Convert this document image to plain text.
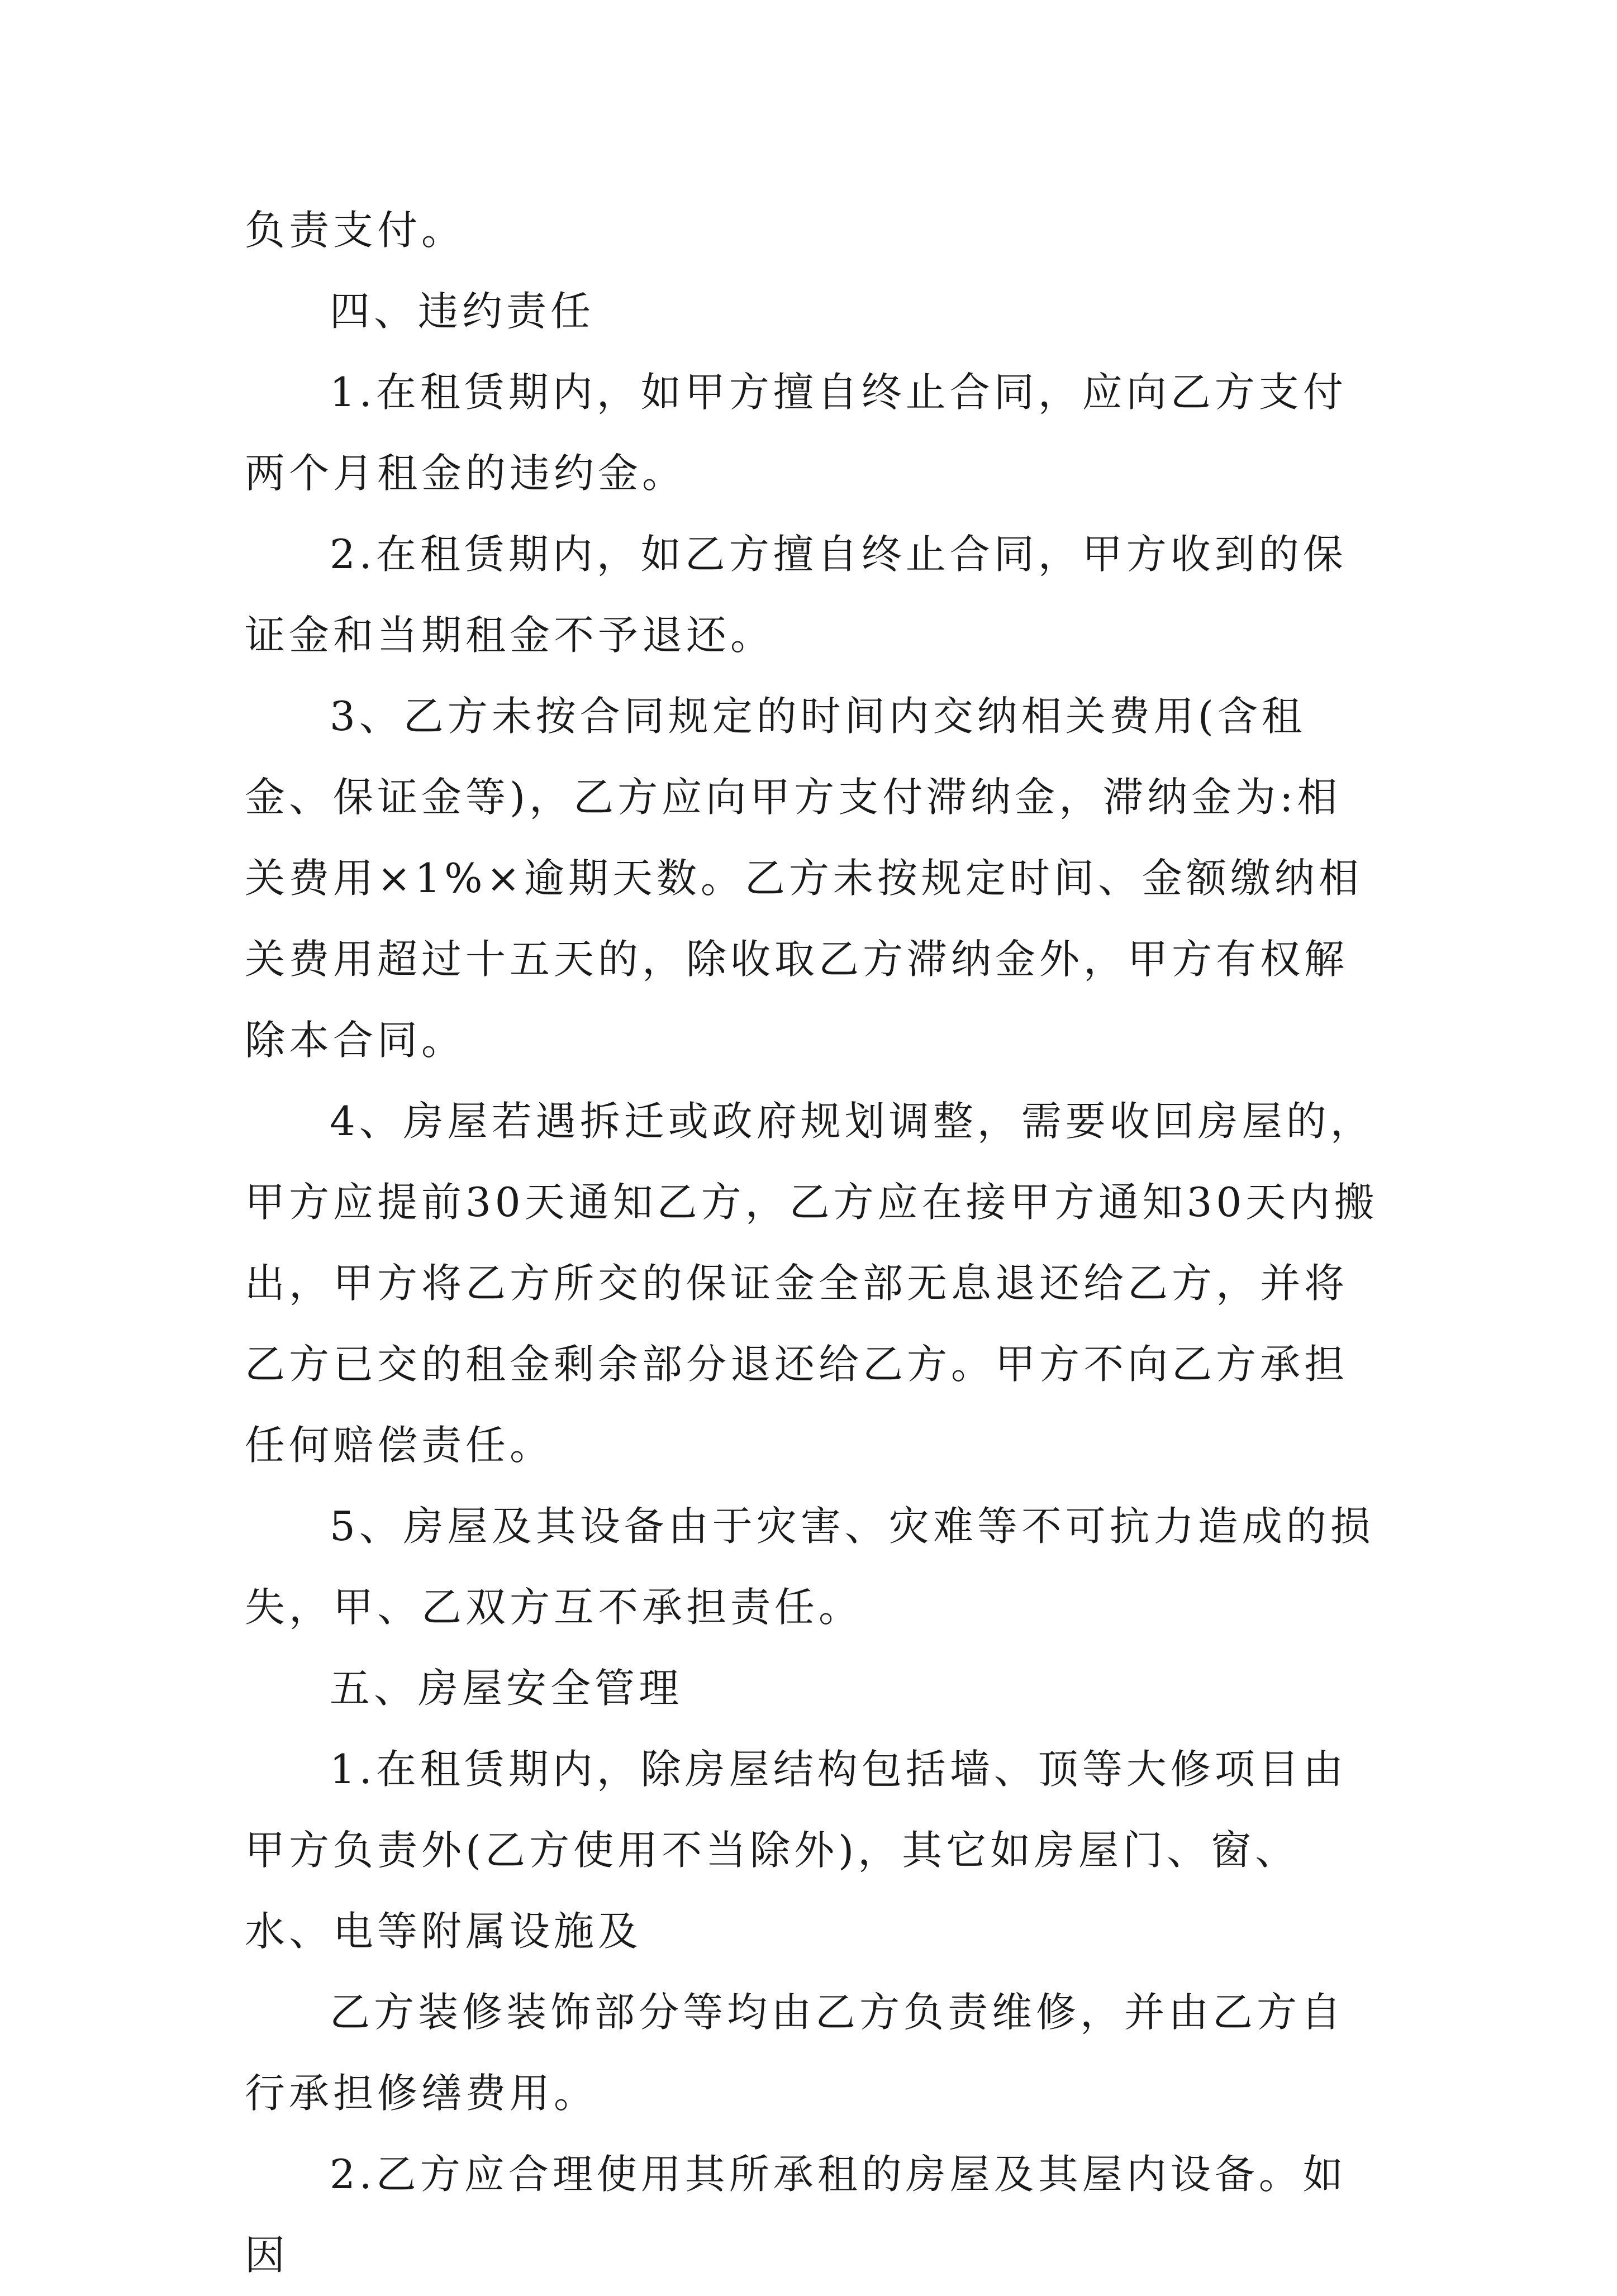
负责支付。

四、违约责任

1.在租赁期内，如甲方擅自终止合同，应向乙方支付两个月租金的违约金。

2.在租赁期内，如乙方擅自终止合同，甲方收到的保证金和当期租金不予退还。

3、乙方未按合同规定的时间内交纳相关费用(含租金、保证金等)，乙方应向甲方支付滞纳金，滞纳金为:相关费用×1%×逾期天数。乙方未按规定时间、金额缴纳相关费用超过十五天的，除收取乙方滞纳金外，甲方有权解除本合同。

4、房屋若遇拆迁或政府规划调整，需要收回房屋的，甲方应提前30天通知乙方，乙方应在接甲方通知30天内搬出，甲方将乙方所交的保证金全部无息退还给乙方，并将乙方已交的租金剩余部分退还给乙方。甲方不向乙方承担任何赔偿责任。

5、房屋及其设备由于灾害、灾难等不可抗力造成的损失，甲、乙双方互不承担责任。

五、房屋安全管理

1.在租赁期内，除房屋结构包括墙、顶等大修项目由甲方负责外(乙方使用不当除外)，其它如房屋门、窗、水、电等附属设施及

乙方装修装饰部分等均由乙方负责维修，并由乙方自行承担修缮费用。

2.乙方应合理使用其所承租的房屋及其屋内设备。如因
